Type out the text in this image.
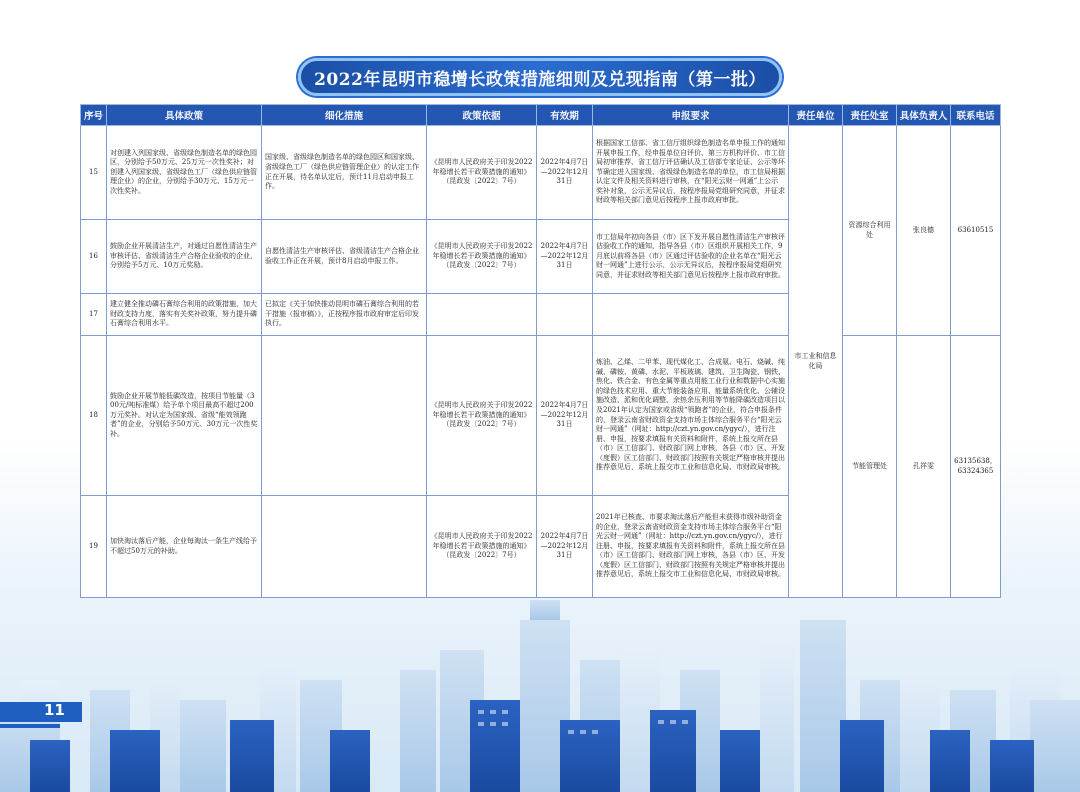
2022年昆明市稳增长政策措施细则及兑现指南（第一批）
序号	具体政策	细化措施	政策依据	有效期	申报要求	责任单位	责任处室	具体负责人	联系电话
15	对创建入列国家级、省级绿色制造名单的绿色园区，分别给予50万元、25万元一次性奖补；对创建入列国家级、省级绿色工厂（绿色供应链管理企业）的企业，分别给予30万元、15万元一次性奖补。	国家级、省级绿色制造名单的绿色园区和国家级、省级绿色工厂（绿色供应链管理企业）的认定工作正在开展，待名单认定后，预计11月启动申报工作。	《昆明市人民政府关于印发2022年稳增长若干政策措施的通知》（昆政发〔2022〕7号）	2022年4月7日—2022年12月31日	根据国家工信部、省工信厅组织绿色制造名单申报工作的通知开展申报工作，经申报单位自评价、第三方机构评价、市工信局初审推荐、省工信厅评估确认及工信部专家论证、公示等环节确定进入国家级、省级绿色制造名单的单位，市工信局根据认定文件及相关资料进行审核，在“阳光云财一网通”上公示奖补对象，公示无异议后，按程序报局党组研究同意，并征求财政等相关部门意见后按程序上报市政府审批。	市工业和信息化局	资源综合利用处	张良德	63610515
16	鼓励企业开展清洁生产，对通过自愿性清洁生产审核评估、省级清洁生产合格企业验收的企业，分别给予5万元、10万元奖励。	自愿性清洁生产审核评估、省级清洁生产合格企业验收工作正在开展，预计8月启动申报工作。	《昆明市人民政府关于印发2022年稳增长若干政策措施的通知》（昆政发〔2022〕7号）	2022年4月7日—2022年12月31日	市工信局年初向各县（市）区下发开展自愿性清洁生产审核评估验收工作的通知，指导各县（市）区组织开展相关工作，9月底以前将各县（市）区通过评估验收的企业名单在“阳光云财一网通”上进行公示，公示无异议后，按程序报局党组研究同意，并征求财政等相关部门意见后按程序上报市政府审批。				
17	建立健全推动磷石膏综合利用的政策措施，加大财政支持力度，落实有关奖补政策，努力提升磷石膏综合利用水平。	已拟定《关于加快推动昆明市磷石膏综合利用的若干措施（报审稿）》，正按程序报市政府审定后印发执行。							
18	鼓励企业开展节能低碳改造，按项目节能量（300元/吨标准煤）给予单个项目最高不超过200万元奖补。对认定为国家级、省级“能效领跑者”的企业，分别给予50万元、30万元一次性奖补。		《昆明市人民政府关于印发2022年稳增长若干政策措施的通知》（昆政发〔2022〕7号）	2022年4月7日—2022年12月31日	炼油、乙烯、二甲苯、现代煤化工、合成氨、电石、烧碱、纯碱、磷铵、黄磷、水泥、平板玻璃、建筑、卫生陶瓷、钢铁、焦化、铁合金、有色金属等重点用能工业行业和数据中心实施的绿色技术应用、重大节能装备应用、能量系统优化、公辅设施改造、派和优化调整、余热余压利用等节能降碳改造项目以及2021年认定为国家或省级“领跑者”的企业，符合申报条件的，登录云南省财政资金支持市场主体综合服务平台“阳光云财一网通”（网址：http://czt.yn.gov.cn/ygyc/），进行注册、申报，按要求填报有关资料和附件，系统上报交所在县（市）区工信部门、财政部门网上审核，各县（市）区、开发（度假）区工信部门、财政部门按照有关规定严格审核并提出推荐意见后，系统上报交市工业和信息化局、市财政局审核。		节能管理处	孔祥雯	63135638，63324365
19	加快淘汰落后产能，企业每淘汰一条生产线给予不超过50万元的补助。		《昆明市人民政府关于印发2022年稳增长若干政策措施的通知》（昆政发〔2022〕7号）	2022年4月7日—2022年12月31日	2021年已核查、市要求淘汰落后产能但未获得市级补助资金的企业，登录云南省财政资金支持市场主体综合服务平台“阳光云财一网通”（网址：http://czt.yn.gov.cn/ygyc/），进行注册、申报，按要求填报有关资料和附件，系统上报交所在县（市）区工信部门、财政部门网上审核，各县（市）区、开发（度假）区工信部门、财政部门按照有关规定严格审核并提出推荐意见后，系统上报交市工业和信息化局、市财政局审核。				
11
